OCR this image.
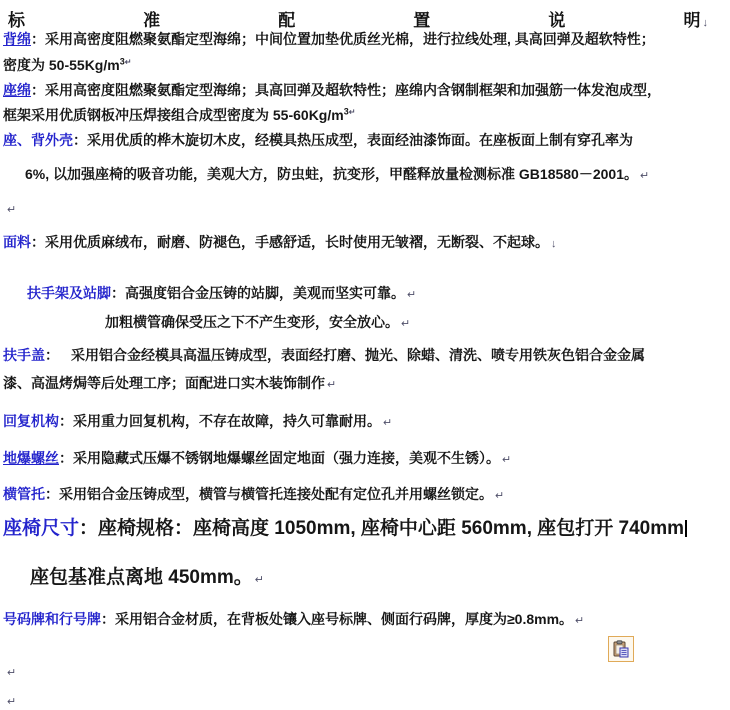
标	准	配	置	说	明 ↓
背绵：采用高密度阻燃聚氨酯定型海绵；中间位置加垫优质丝光棉，进行拉线处理, 具高回弹及超软特性；
密度为 $50-55Kg/m^{3↵}$
座绵：采用高密度阻燃聚氨酯定型海绵；具高回弹及超软特性；座绵内含钢制框架和加强筋一体发泡成型，
框架采用优质钢板冲压焊接组合成型密度为 $55-60Kg/m^{3↵}$
座、背外壳：采用优质的桦木旋切木皮，经模具热压成型，表面经油漆饰面。在座板面上制有穿孔率为
6%, 以加强座椅的吸音功能，美观大方，防虫蛀，抗变形，甲醛释放量检测标准 GB18580－2001。 ↵
↵
面料：采用优质麻绒布，耐磨、防褪色，手感舒适，长时使用无皱褶，无断裂、不起球。 ↓
扶手架及站脚：高强度铝合金压铸的站脚，美观而坚实可靠。 ↵
加粗横管确保受压之下不产生变形，安全放心。 ↵
扶手盖： 采用铝合金经模具高温压铸成型，表面经打磨、抛光、除蜡、清洗、喷专用铁灰色铝合金金属
漆、高温烤焗等后处理工序；面配进口实木装饰制作 ↵
回复机构：采用重力回复机构，不存在故障，持久可靠耐用。 ↵
地爆螺丝：采用隐藏式压爆不锈钢地爆螺丝固定地面（强力连接，美观不生锈）。 ↵
横管托：采用铝合金压铸成型，横管与横管托连接处配有定位孔并用螺丝锁定。 ↵
座椅尺寸：座椅规格：座椅高度 1050mm, 座椅中心距 560mm, 座包打开 740mm
座包基准点离地 450mm。 ↵
号码牌和行号牌：采用铝合金材质，在背板处镶入座号标牌、侧面行码牌，厚度为≥0.8mm。 ↵
↵
↵
